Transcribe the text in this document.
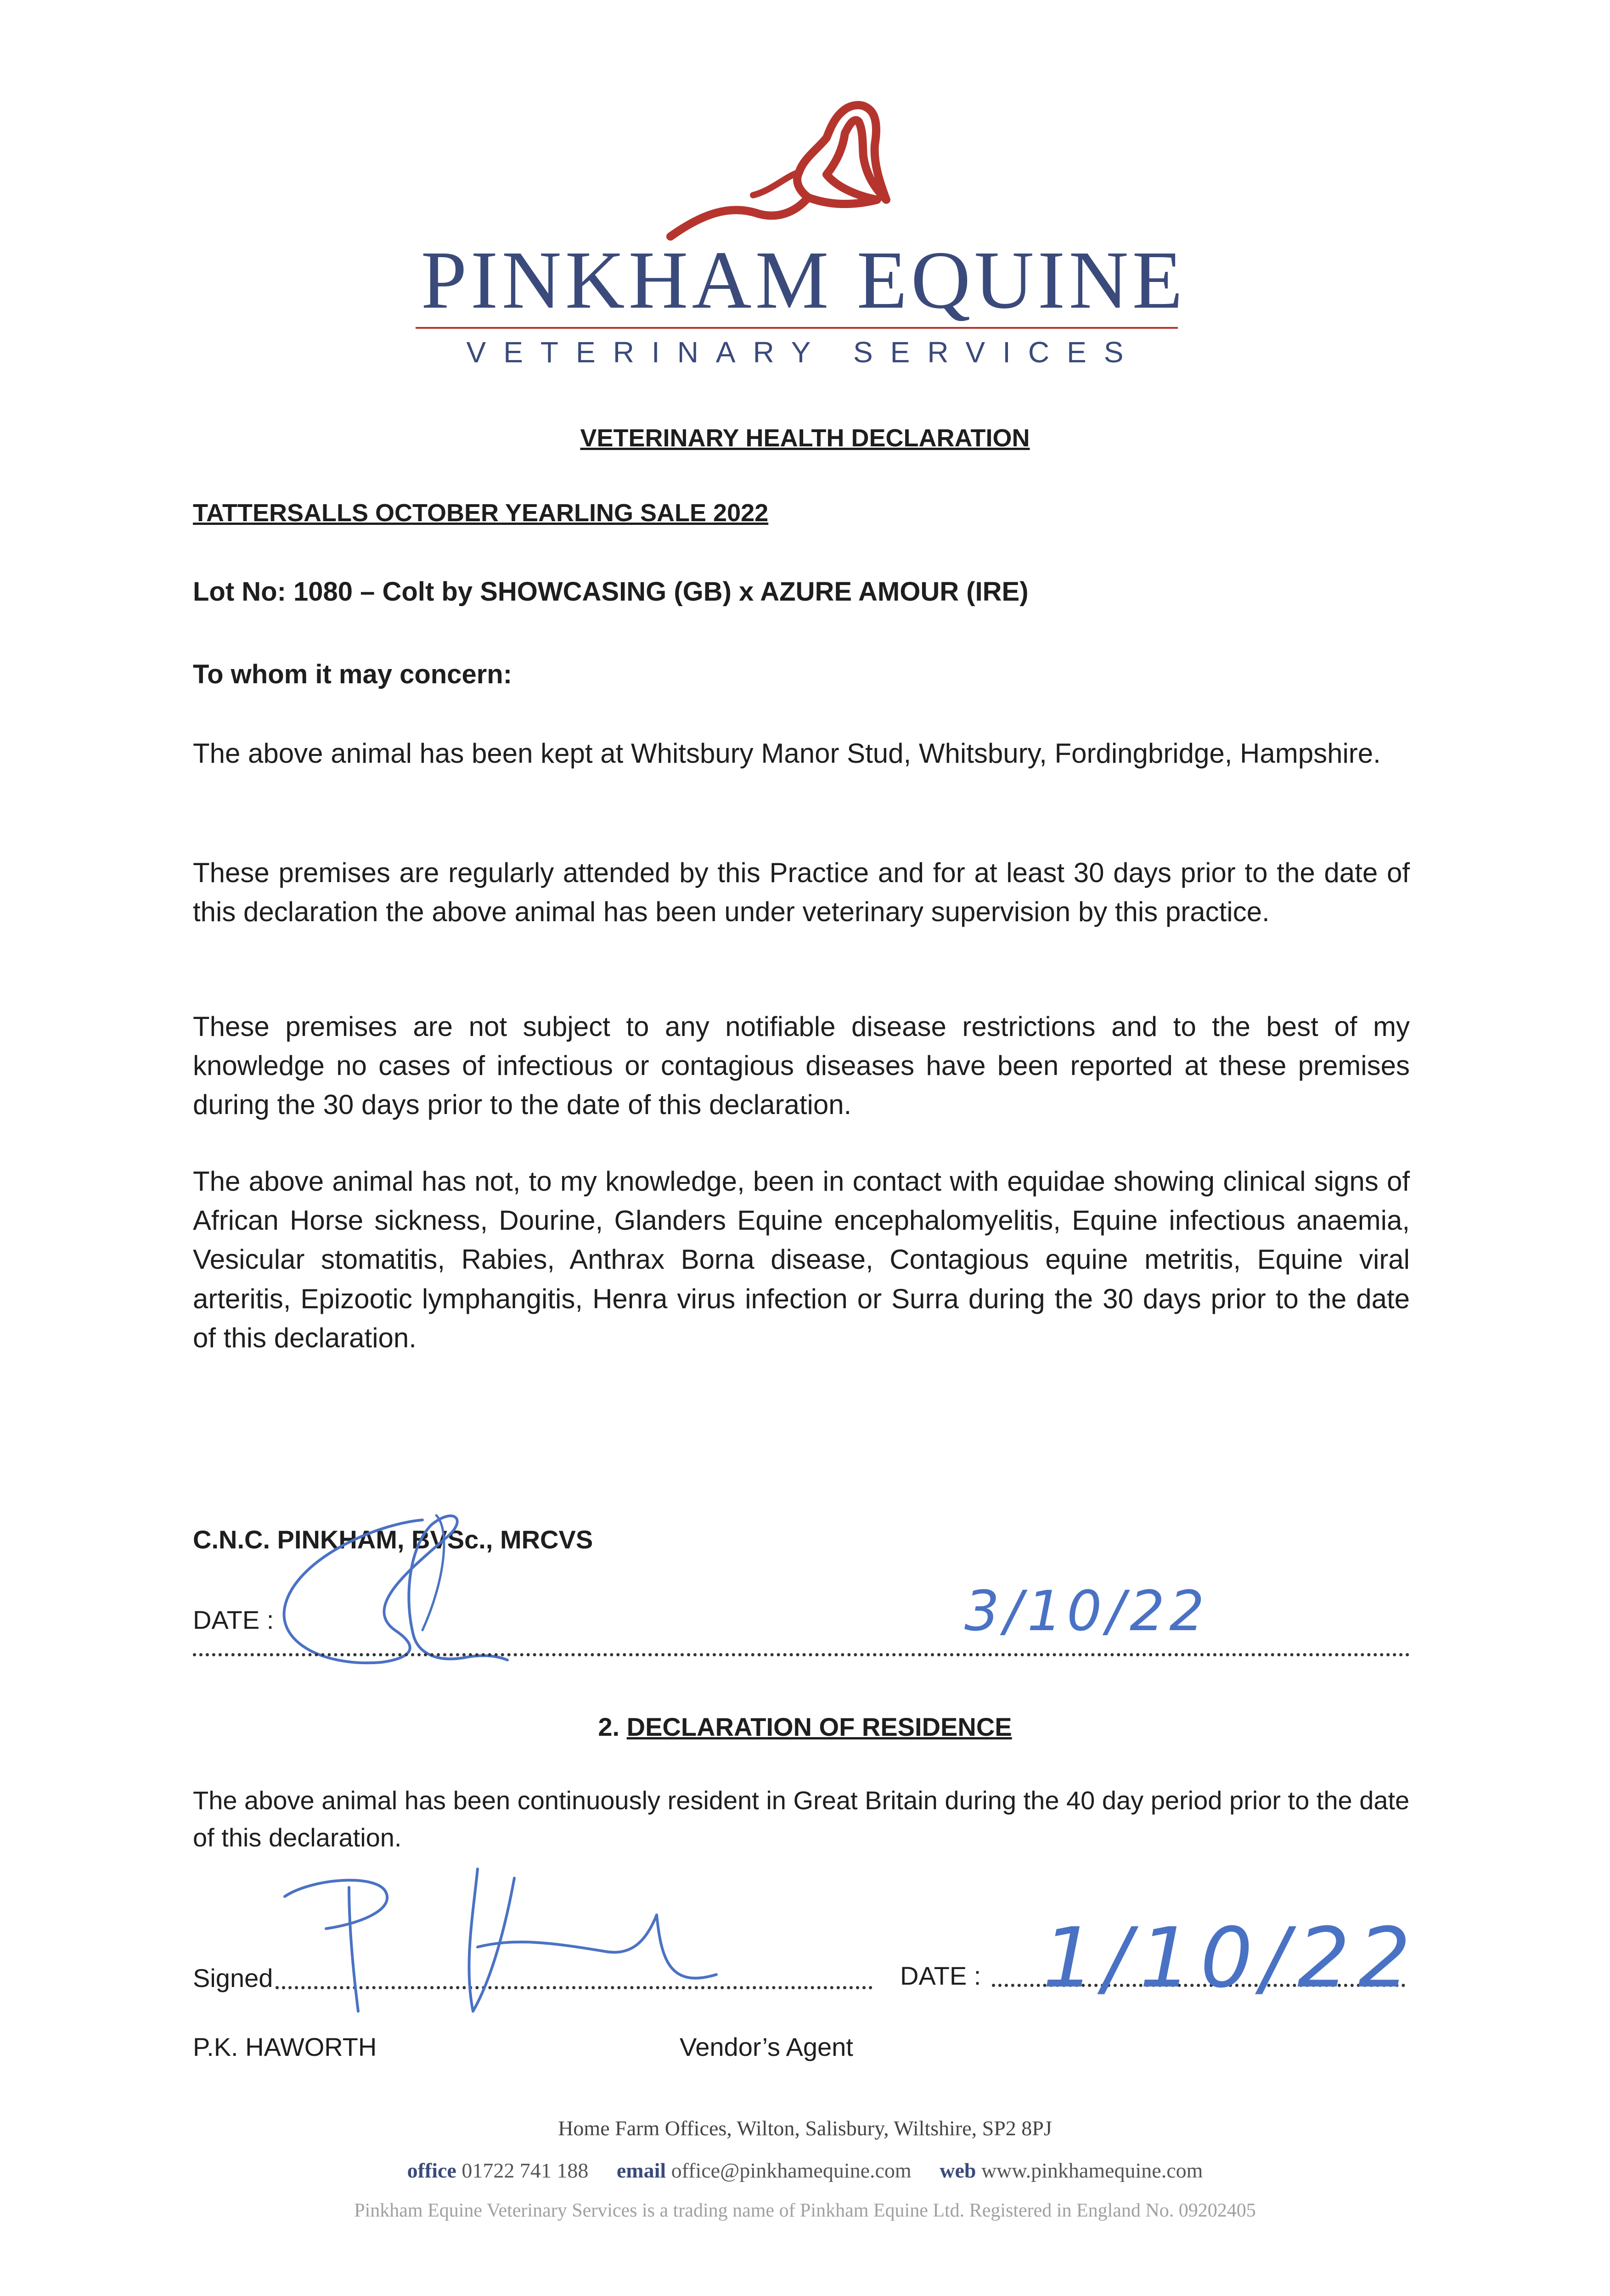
PINKHAM EQUINE
VETERINARY SERVICES
VETERINARY HEALTH DECLARATION
TATTERSALLS OCTOBER YEARLING SALE 2022
Lot No: 1080 – Colt by SHOWCASING (GB) x AZURE AMOUR (IRE)
To whom it may concern:
The above animal has been kept at Whitsbury Manor Stud, Whitsbury, Fordingbridge, Hampshire.
These premises are regularly attended by this Practice and for at least 30 days prior to the date of this declaration the above animal has been under veterinary supervision by this practice.
These premises are not subject to any notifiable disease restrictions and to the best of my knowledge no cases of infectious or contagious diseases have been reported at these premises during the 30 days prior to the date of this declaration.
The above animal has not, to my knowledge, been in contact with equidae showing clinical signs of African Horse sickness, Dourine, Glanders Equine encephalomyelitis, Equine infectious anaemia, Vesicular stomatitis, Rabies, Anthrax Borna disease, Contagious equine metritis, Equine viral arteritis, Epizootic lymphangitis, Henra virus infection or Surra during the 30 days prior to the date of this declaration.
C.N.C. PINKHAM, BVSc., MRCVS
DATE :	3/10/22
2. DECLARATION OF RESIDENCE
The above animal has been continuously resident in Great Britain during the 40 day period prior to the date of this declaration.
Signed	DATE : 1/10/22
P.K. HAWORTH	Vendor’s Agent
Home Farm Offices, Wilton, Salisbury, Wiltshire, SP2 8PJ
office 01722 741 188 email office@pinkhamequine.com web www.pinkhamequine.com
Pinkham Equine Veterinary Services is a trading name of Pinkham Equine Ltd. Registered in England No. 09202405
